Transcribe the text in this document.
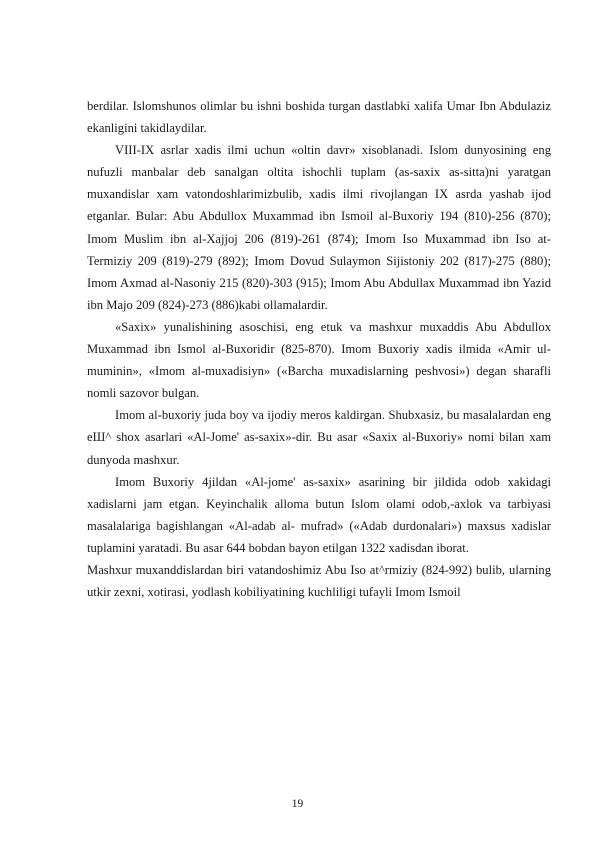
berdilar. Islomshunos olimlar bu ishni boshida turgan dastlabki xalifa Umar Ibn Abdulaziz ekanligini takidlaydilar.

VIII-IX asrlar xadis ilmi uchun «oltin davr» xisoblanadi. Islom dunyosining eng nufuzli manbalar deb sanalgan oltita ishochli tuplam (as-saxix as-sitta)ni yaratgan muxandislar xam vatondoshlarimizbulib, xadis ilmi rivojlangan IX asrda yashab ijod etganlar. Bular: Abu Abdullox Muxammad ibn Ismoil al-Buxoriy 194 (810)-256 (870); Imom Muslim ibn al-Xajjoj 206 (819)-261 (874); Imom Iso Muxammad ibn Iso at-Termiziy 209 (819)-279 (892); Imom Dovud Sulaymon Sijistoniy 202 (817)-275 (880); Imom Axmad al-Nasoniy 215 (820)-303 (915); Imom Abu Abdullax Muxammad ibn Yazid ibn Majo 209 (824)-273 (886)kabi ollamalardir.

«Saxix» yunalishining asoschisi, eng etuk va mashxur muxaddis Abu Abdullox Muxammad ibn Ismol al-Buxoridir (825-870). Imom Buxoriy xadis ilmida «Amir ul-muminin», «Imom al-muxadisiyn» («Barcha muxadislarning peshvosi») degan sharafli nomli sazovor bulgan.

Imom al-buxoriy juda boy va ijodiy meros kaldirgan. Shubxasiz, bu masalalardan eng eШ^ shox asarlari «Al-Jome' as-saxix»-dir. Bu asar «Saxix al-Buxoriy» nomi bilan xam dunyoda mashxur.

Imom Buxoriy 4jildan «Al-jome' as-saxix» asarining bir jildida odob xakidagi xadislarni jam etgan. Keyinchalik alloma butun Islom olami odob,-axlok va tarbiyasi masalalariga bagishlangan «Al-adab al- mufrad» («Adab durdonalari») maxsus xadislar tuplamini yaratadi. Bu asar 644 bobdan bayon etilgan 1322 xadisdan iborat.

Mashxur muxanddislardan biri vatandoshimiz Abu Iso at^rmiziy (824-992) bulib, ularning utkir zexni, xotirasi, yodlash kobiliyatining kuchliligi tufayli Imom Ismoil

19
